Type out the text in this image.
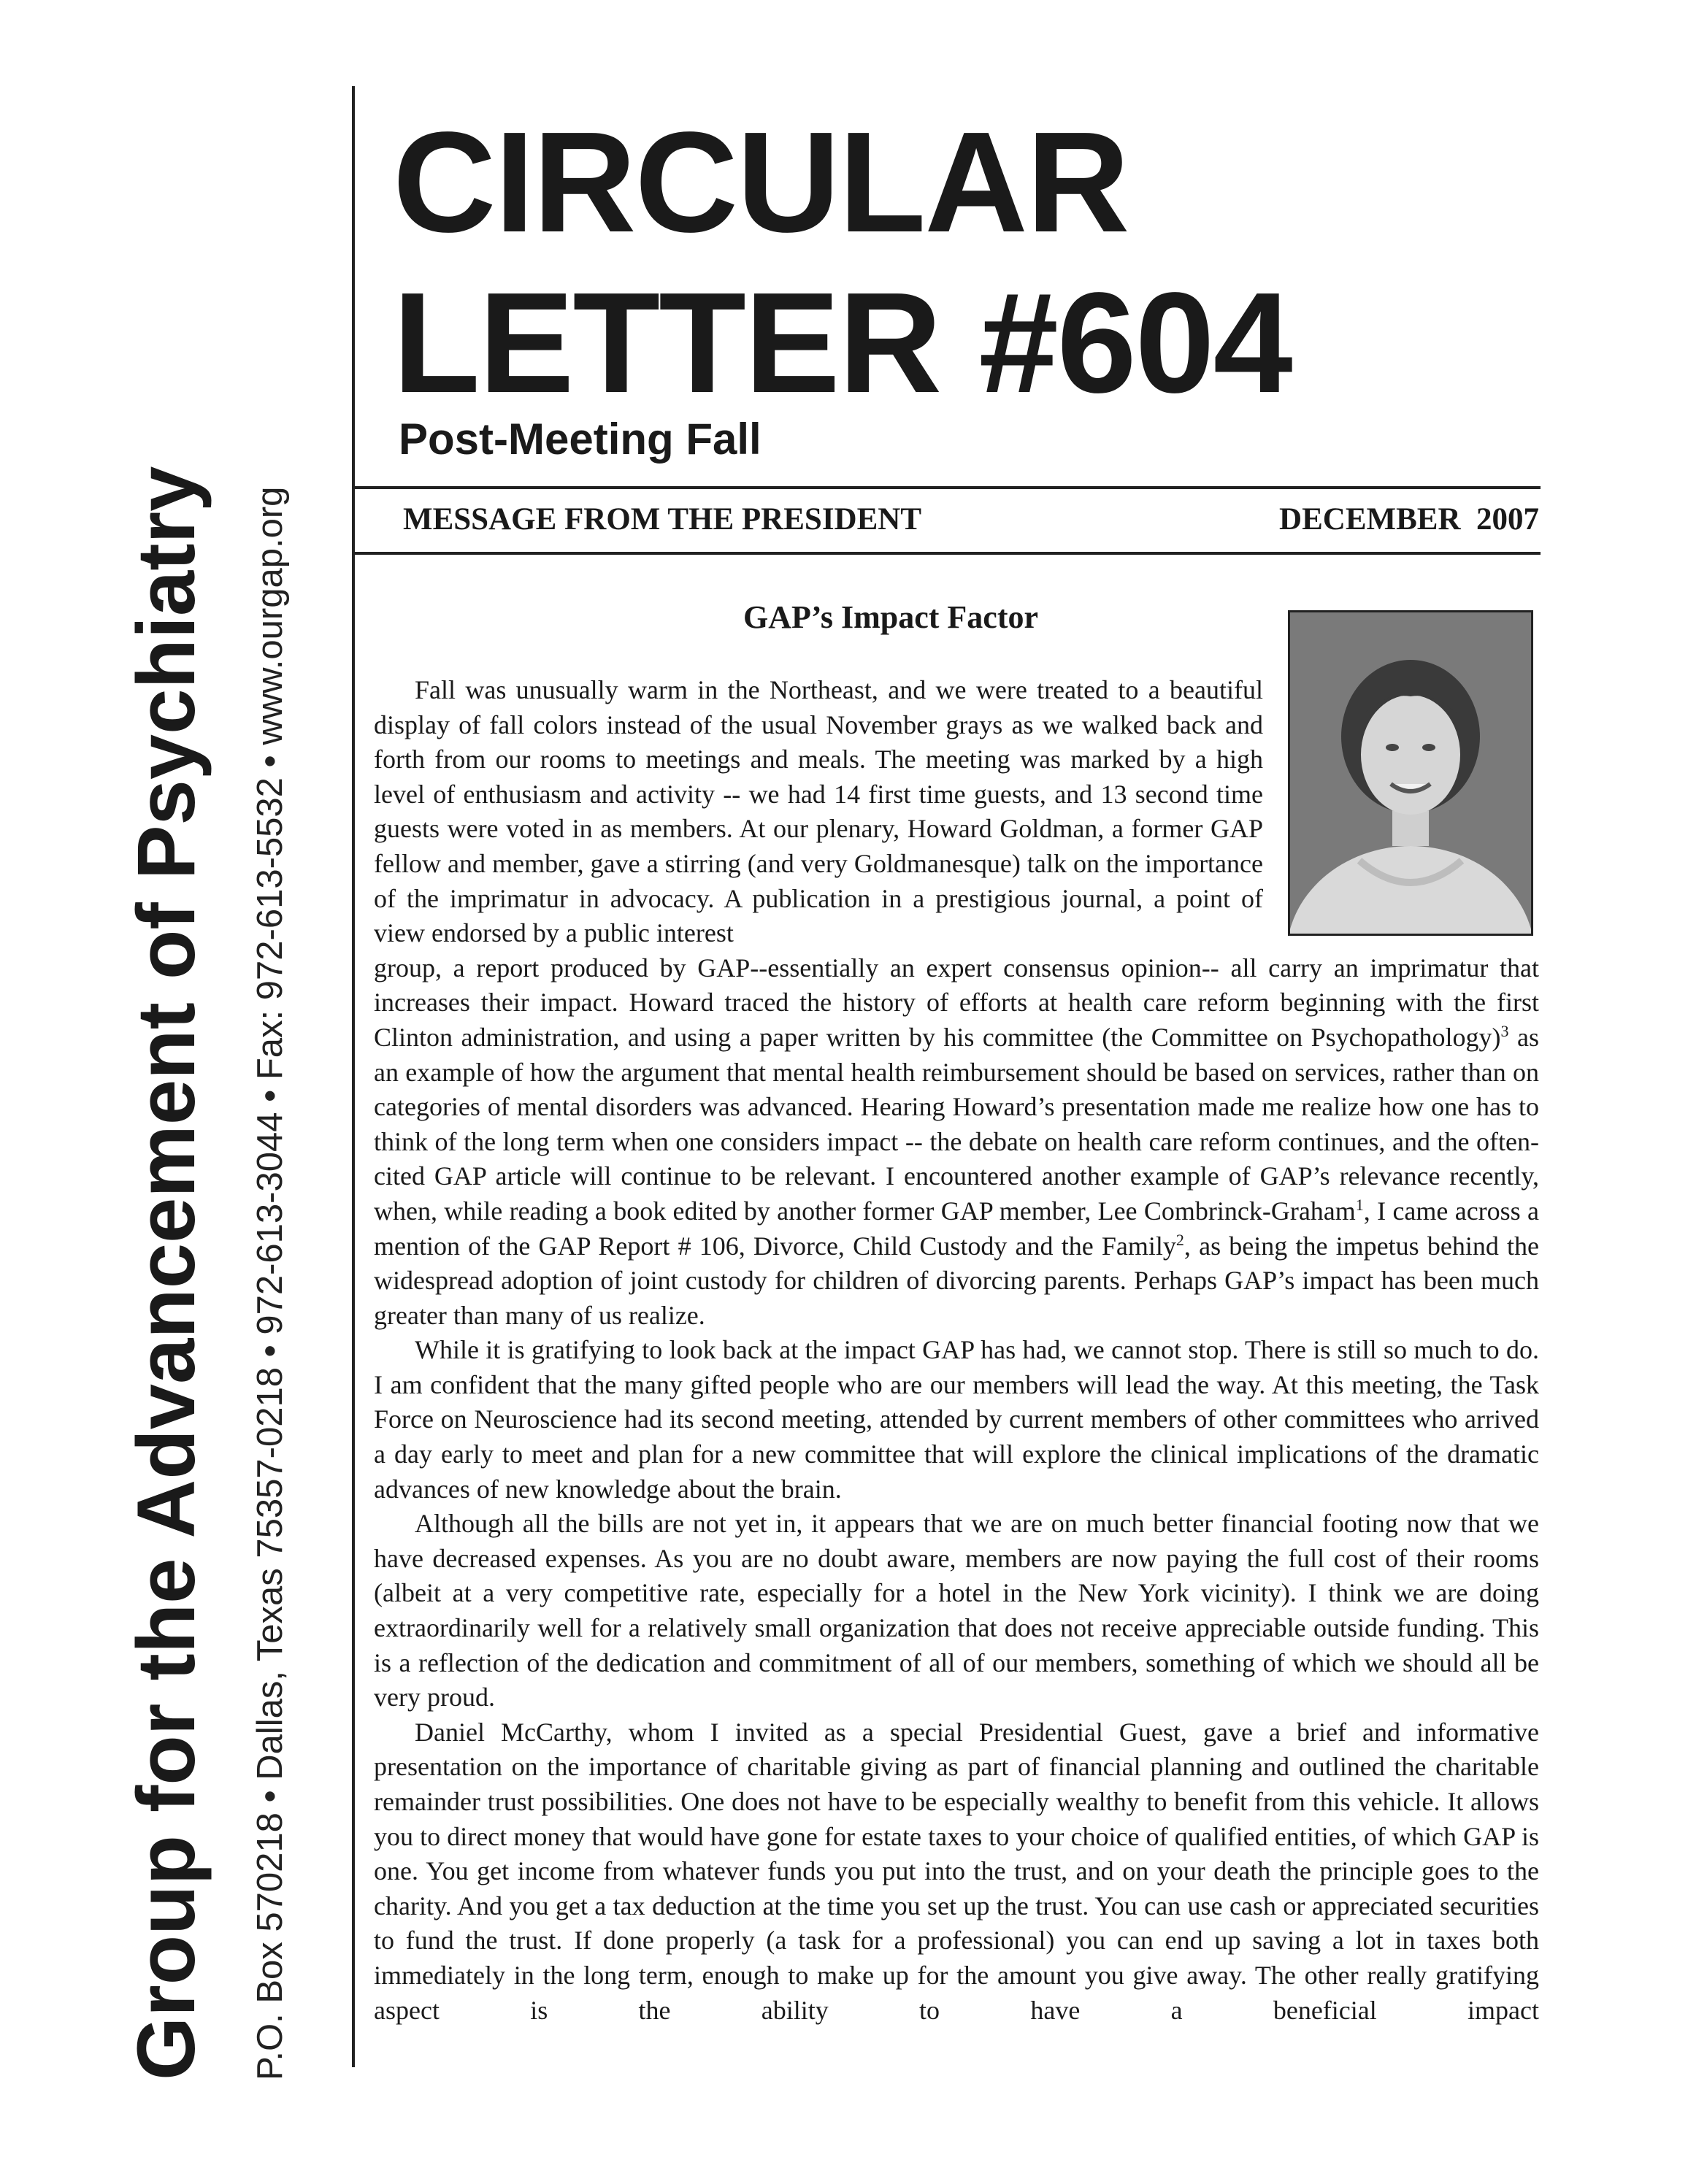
Group for the Advancement of Psychiatry	P.O. Box 570218 • Dallas, Texas 75357-0218 • 972-613-3044 • Fax: 972-613-5532 • www.ourgap.org
CIRCULAR
LETTER #604
Post-Meeting Fall
MESSAGE FROM THE PRESIDENT	DECEMBER  2007
GAP’s Impact Factor

Fall was unusually warm in the Northeast, and we were treated to a beautiful display of fall colors instead of the usual November grays as we walked back and forth from our rooms to meetings and meals. The meeting was marked by a high level of enthusiasm and activity -- we had 14 first time guests, and 13 second time guests were voted in as members. At our plenary, Howard Goldman, a former GAP fellow and member, gave a stirring (and very Goldmanesque) talk on the importance of the imprimatur in advocacy. A publication in a prestigious journal, a point of view endorsed by a public interest

group, a report produced by GAP--essentially an expert consensus opinion-- all carry an imprimatur that increases their impact. Howard traced the history of efforts at health care reform beginning with the first Clinton administration, and using a paper written by his committee (the Committee on Psychopathology)$^3$ as an example of how the argument that mental health reimbursement should be based on services, rather than on categories of mental disorders was advanced. Hearing Howard’s presentation made me realize how one has to think of the long term when one considers impact -- the debate on health care reform continues, and the often-cited GAP article will continue to be relevant. I encountered another example of GAP’s relevance recently, when, while reading a book edited by another former GAP member, Lee Combrinck-Graham$^1$, I came across a mention of the GAP Report # 106, Divorce, Child Custody and the Family$^2$, as being the impetus behind the widespread adoption of joint custody for children of divorcing parents. Perhaps GAP’s impact has been much greater than many of us realize.

While it is gratifying to look back at the impact GAP has had, we cannot stop. There is still so much to do. I am confident that the many gifted people who are our members will lead the way. At this meeting, the Task Force on Neuroscience had its second meeting, attended by current members of other committees who arrived a day early to meet and plan for a new committee that will explore the clinical implications of the dramatic advances of new knowledge about the brain.

Although all the bills are not yet in, it appears that we are on much better financial footing now that we have decreased expenses. As you are no doubt aware, members are now paying the full cost of their rooms (albeit at a very competitive rate, especially for a hotel in the New York vicinity). I think we are doing extraordinarily well for a relatively small organization that does not receive appreciable outside funding. This is a reflection of the dedication and commitment of all of our members, something of which we should all be very proud.

Daniel McCarthy, whom I invited as a special Presidential Guest, gave a brief and informative presentation on the importance of charitable giving as part of financial planning and outlined the charitable remainder trust possibilities. One does not have to be especially wealthy to benefit from this vehicle. It allows you to direct money that would have gone for estate taxes to your choice of qualified entities, of which GAP is one. You get income from whatever funds you put into the trust, and on your death the principle goes to the charity. And you get a tax deduction at the time you set up the trust. You can use cash or appreciated securities to fund the trust. If done properly (a task for a professional) you can end up saving a lot in taxes both immediately in the long term, enough to make up for the amount you give away. The other really gratifying aspect is the ability to have a beneficial impact
